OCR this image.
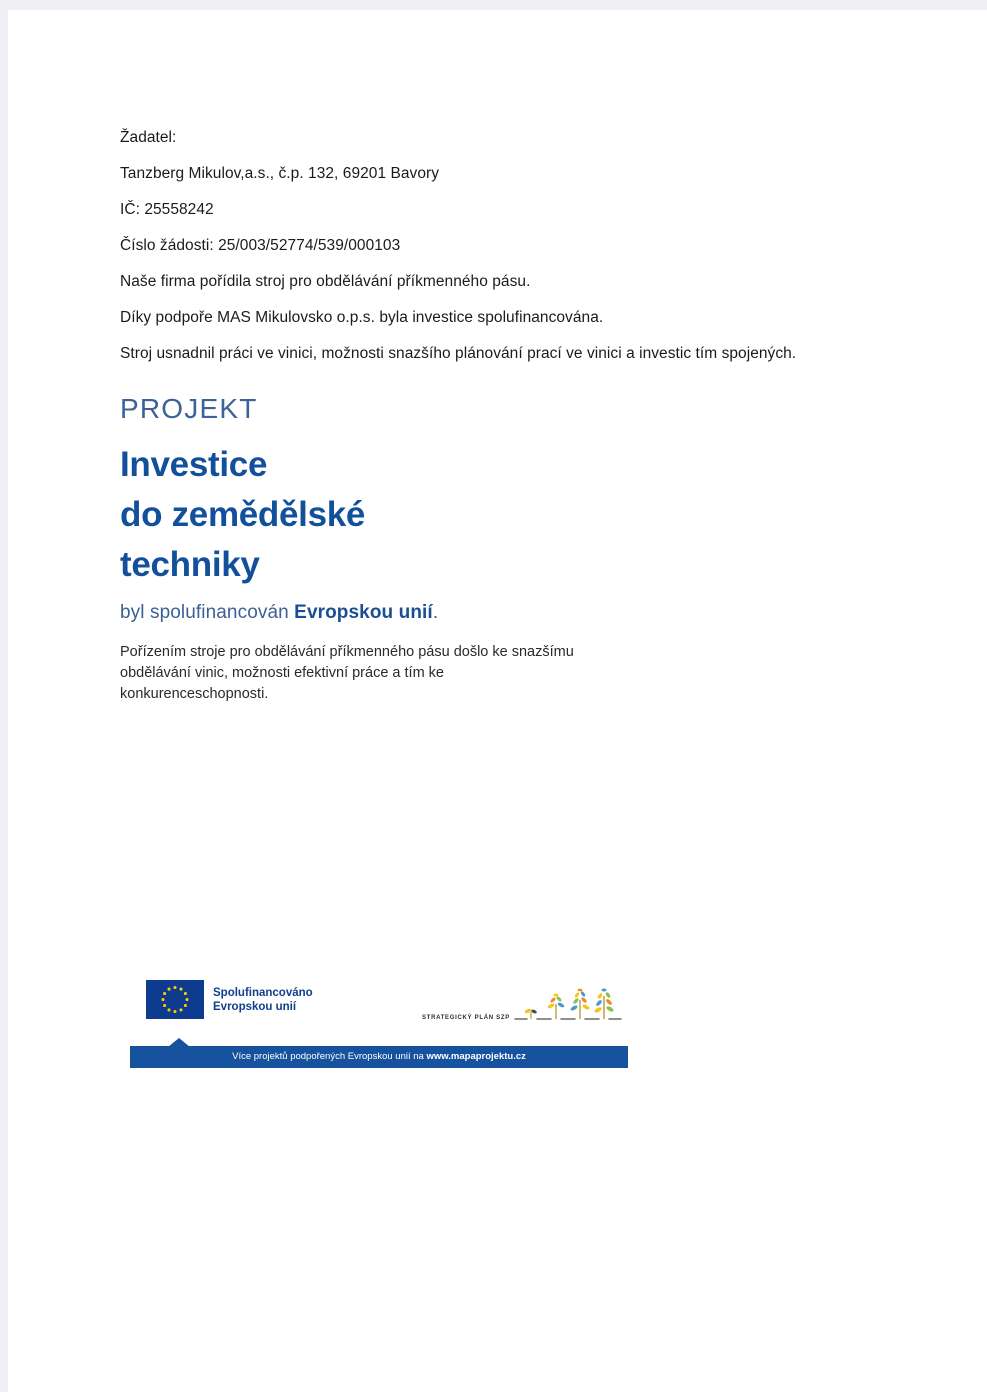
Žadatel:
Tanzberg Mikulov,a.s., č.p. 132, 69201 Bavory
IČ: 25558242
Číslo žádosti: 25/003/52774/539/000103
Naše firma pořídila stroj pro obdělávání příkmenného pásu.
Díky podpoře MAS Mikulovsko o.p.s. byla investice spolufinancována.
Stroj usnadnil práci ve vinici, možnosti snazšího plánování prací ve vinici a investic tím spojených.
PROJEKT
Investice
do zemědělské
techniky
byl spolufinancován Evropskou unií.
Pořízením stroje pro obdělávání příkmenného pásu došlo ke snazšímu obdělávání vinic, možnosti efektivní práce a tím ke konkurenceschopnosti.
Spolufinancováno
Evropskou unií
STRATEGICKÝ PLÁN SZP
Více projektů podpořených Evropskou unií na www.mapaprojektu.cz
